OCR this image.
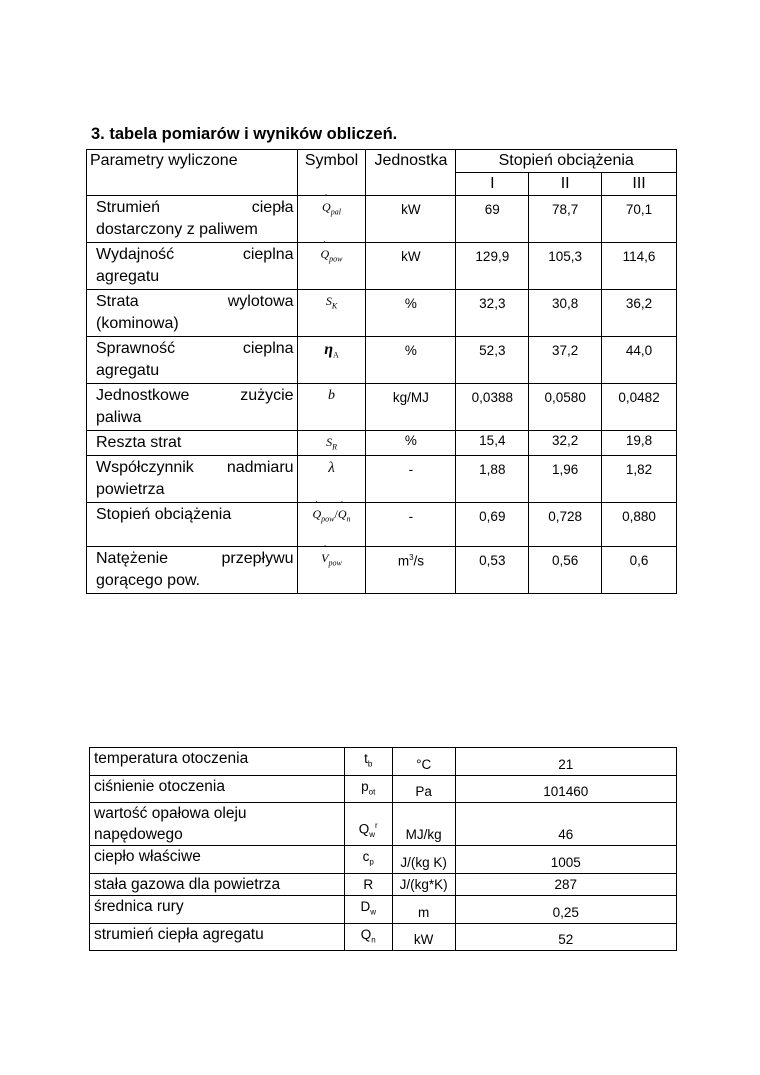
3. tabela pomiarów i wyników obliczeń.
Parametry wyliczone	Symbol	Jednostka	Stopień obciążenia		
			I	II	III
Strumień ciepła dostarczony z paliwem	˙ $Q_{pal}$	kW	69	78,7	70,1
Wydajność cieplna agregatu	˙ $Q_{pow}$	kW	129,9	105,3	114,6
Strata wylotowa (kominowa)	$S_K$	%	32,3	30,8	36,2
Sprawność cieplna agregatu	$\eta_A$	%	52,3	37,2	44,0
Jednostkowe zużycie paliwa	b	kg/MJ	0,0388	0,0580	0,0482
Reszta strat	$S_R$	%	15,4	32,2	19,8
Współczynnik nadmiaru powietrza	λ	-	1,88	1,96	1,82
Stopień obciążenia	˙ $Q_{pow}/˙$ $Q_n$	-	0,69	0,728	0,880
Natężenie przepływu gorącego pow.	˙ $V_{pow}$	$m^3/s$	0,53	0,56	0,6
temperatura otoczenia	$t_b$	°C	21
ciśnienie otoczenia	$p_{ot}$	Pa	101460

wartość opałowa oleju napędowego	$Q_w^r$	MJ/kg	46
ciepło właściwe	$c_p$	J/(kg K)	1005
stała gazowa dla powietrza	R	J/(kg*K)	287
średnica rury	$D_w$	m	0,25
strumień ciepła agregatu	$Q_n$	kW	52
